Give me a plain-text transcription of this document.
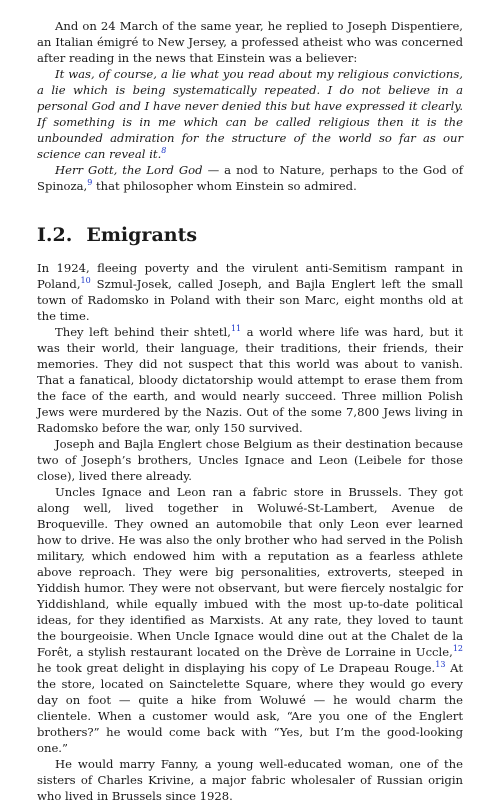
And on 24 March of the same year, he replied to Joseph Dispentiere, an Italian émigré to New Jersey, a professed atheist who was concerned after reading in the news that Einstein was a believer:

It was, of course, a lie what you read about my religious convictions, a lie which is being systematically repeated. I do not believe in a personal God and I have never denied this but have expressed it clearly. If something is in me which can be called religious then it is the unbounded admiration for the structure of the world so far as our science can reveal it.$^8$

Herr Gott, the Lord God — a nod to Nature, perhaps to the God of Spinoza,$^9$ that philosopher whom Einstein so admired.

I.2. Emigrants

In 1924, fleeing poverty and the virulent anti-Semitism rampant in Poland,$^{10}$ Szmul-Josek, called Joseph, and Bajla Englert left the small town of Radomsko in Poland with their son Marc, eight months old at the time.

They left behind their shtetl,$^{11}$ a world where life was hard, but it was their world, their language, their traditions, their friends, their memories. They did not suspect that this world was about to vanish. That a fanatical, bloody dictatorship would attempt to erase them from the face of the earth, and would nearly succeed. Three million Polish Jews were murdered by the Nazis. Out of the some 7,800 Jews living in Radomsko before the war, only 150 survived.

Joseph and Bajla Englert chose Belgium as their destination because two of Joseph’s brothers, Uncles Ignace and Leon (Leibele for those close), lived there already.

Uncles Ignace and Leon ran a fabric store in Brussels. They got along well, lived together in Woluwé-St-Lambert, Avenue de Broqueville. They owned an automobile that only Leon ever learned how to drive. He was also the only brother who had served in the Polish military, which endowed him with a reputation as a fearless athlete above reproach. They were big personalities, extroverts, steeped in Yiddish humor. They were not observant, but were fiercely nostalgic for Yiddishland, while equally imbued with the most up-to-date political ideas, for they identified as Marxists. At any rate, they loved to taunt the bourgeoisie. When Uncle Ignace would dine out at the Chalet de la Forêt, a stylish restaurant located on the Drève de Lorraine in Uccle,$^{12}$ he took great delight in displaying his copy of Le Drapeau Rouge.$^{13}$ At the store, located on Sainctelette Square, where they would go every day on foot — quite a hike from Woluwé — he would charm the clientele. When a customer would ask, “Are you one of the Englert brothers?” he would come back with “Yes, but I’m the good-looking one.”

He would marry Fanny, a young well-educated woman, one of the sisters of Charles Krivine, a major fabric wholesaler of Russian origin who lived in Brussels since 1928.
